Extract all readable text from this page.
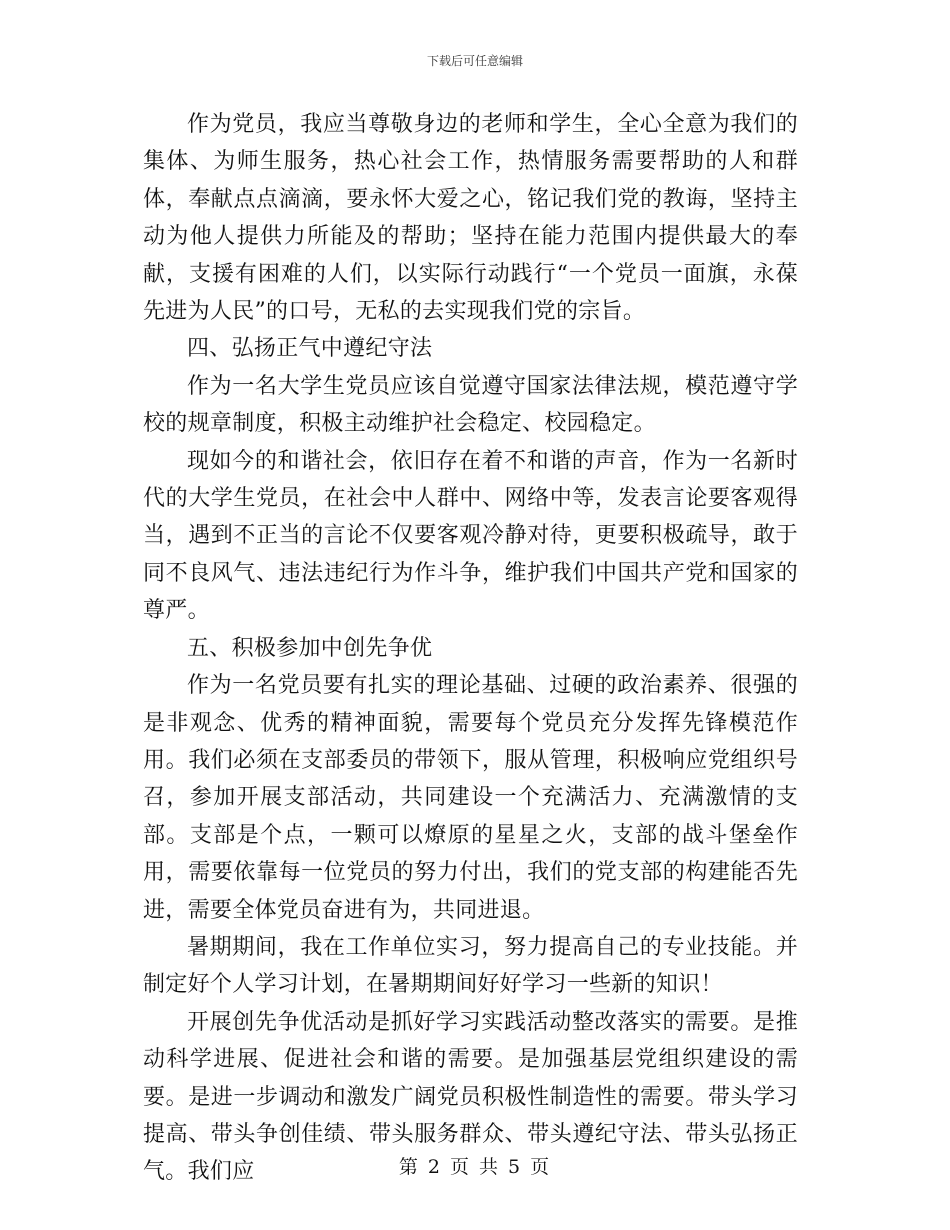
下载后可任意编辑

作为党员，我应当尊敬身边的老师和学生，全心全意为我们的集体、为师生服务，热心社会工作，热情服务需要帮助的人和群体，奉献点点滴滴，要永怀大爱之心，铭记我们党的教诲，坚持主动为他人提供力所能及的帮助；坚持在能力范围内提供最大的奉献，支援有困难的人们，以实际行动践行“一个党员一面旗，永葆先进为人民”的口号，无私的去实现我们党的宗旨。

四、弘扬正气中遵纪守法

作为一名大学生党员应该自觉遵守国家法律法规，模范遵守学校的规章制度，积极主动维护社会稳定、校园稳定。

现如今的和谐社会，依旧存在着不和谐的声音，作为一名新时代的大学生党员，在社会中人群中、网络中等，发表言论要客观得当，遇到不正当的言论不仅要客观冷静对待，更要积极疏导，敢于同不良风气、违法违纪行为作斗争，维护我们中国共产党和国家的尊严。

五、积极参加中创先争优

作为一名党员要有扎实的理论基础、过硬的政治素养、很强的是非观念、优秀的精神面貌，需要每个党员充分发挥先锋模范作用。我们必须在支部委员的带领下，服从管理，积极响应党组织号召，参加开展支部活动，共同建设一个充满活力、充满激情的支部。支部是个点，一颗可以燎原的星星之火，支部的战斗堡垒作用，需要依靠每一位党员的努力付出，我们的党支部的构建能否先进，需要全体党员奋进有为，共同进退。

暑期期间，我在工作单位实习，努力提高自己的专业技能。并制定好个人学习计划，在暑期期间好好学习一些新的知识！

开展创先争优活动是抓好学习实践活动整改落实的需要。是推动科学进展、促进社会和谐的需要。是加强基层党组织建设的需要。是进一步调动和激发广阔党员积极性制造性的需要。带头学习提高、带头争创佳绩、带头服务群众、带头遵纪守法、带头弘扬正气。我们应	第 2 页 共 5 页
